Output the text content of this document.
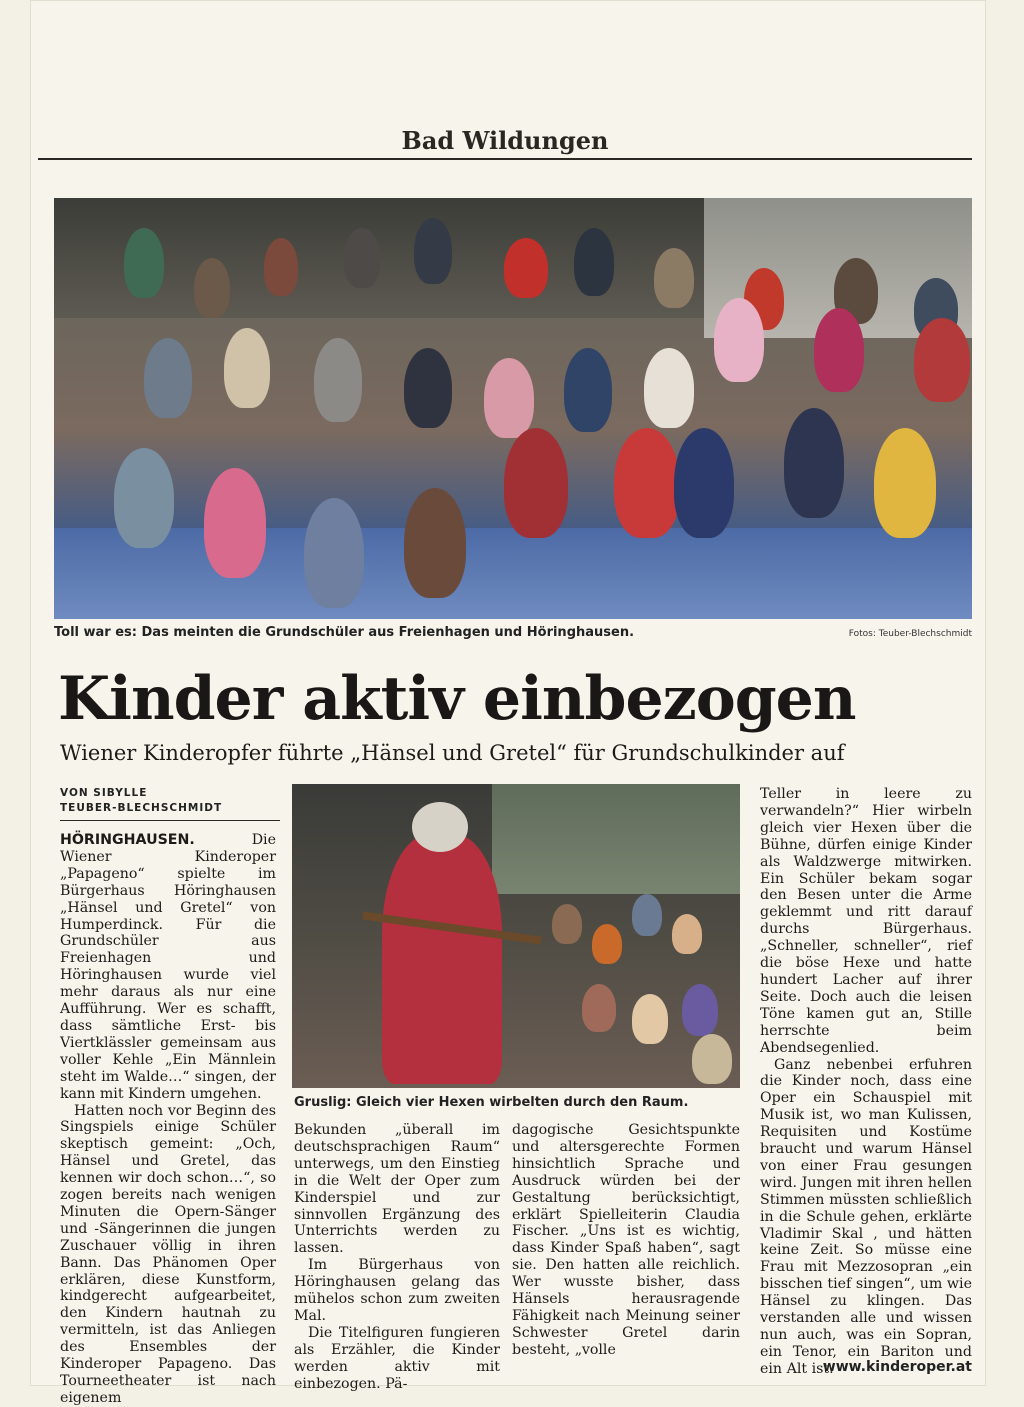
Bad Wildungen
Toll war es: Das meinten die Grundschüler aus Freienhagen und Höringhausen.	Fotos: Teuber-Blechschmidt
Kinder aktiv einbezogen
Wiener Kinderopfer führte „Hänsel und Gretel“ für Grundschulkinder auf
VON SIBYLLE
TEUBER-BLECHSCHMIDT
Gruslig: Gleich vier Hexen wirbelten durch den Raum.

HÖRINGHAUSEN.	Die Wiener Kinderoper „Papageno“ spielte im Bürgerhaus Höringhausen „Hänsel und Gretel“ von Humperdinck. Für die Grundschüler aus Freienhagen und Höringhausen wurde viel mehr daraus als nur eine Aufführung. Wer es schafft, dass sämtliche Erst- bis Viertklässler gemeinsam aus voller Kehle „Ein Männlein steht im Walde…“ singen, der kann mit Kindern umgehen.

Hatten noch vor Beginn des Singspiels einige Schüler skeptisch gemeint: „Och, Hänsel und Gretel, das kennen wir doch schon…“, so zogen bereits nach wenigen Minuten die Opern-Sänger und -Sängerinnen die jungen Zuschauer völlig in ihren Bann. Das Phänomen Oper erklären, diese Kunstform, kindgerecht aufgearbeitet, den Kindern hautnah zu vermitteln, ist das Anliegen des Ensembles der Kinderoper Papageno. Das Tourneetheater ist nach eigenem

Bekunden „überall im deutschsprachigen Raum“ unterwegs, um den Einstieg in die Welt der Oper zum Kinderspiel und zur sinnvollen Ergänzung des Unterrichts werden zu lassen.

Im Bürgerhaus von Höringhausen gelang das mühelos schon zum zweiten Mal.

Die Titelfiguren fungieren als Erzähler, die Kinder werden aktiv mit einbezogen. Pä-

dagogische Gesichtspunkte und altersgerechte Formen hinsichtlich Sprache und Ausdruck würden bei der Gestaltung berücksichtigt, erklärt Spielleiterin Claudia Fischer. „Uns ist es wichtig, dass Kinder Spaß haben“, sagt sie. Den hatten alle reichlich. Wer wusste bisher, dass Hänsels herausragende Fähigkeit nach Meinung seiner Schwester Gretel darin besteht, „volle

Teller in leere zu verwandeln?“ Hier wirbeln gleich vier Hexen über die Bühne, dürfen einige Kinder als Waldzwerge mitwirken. Ein Schüler bekam sogar den Besen unter die Arme geklemmt und ritt darauf durchs Bürgerhaus. „Schneller, schneller“, rief die böse Hexe und hatte hundert Lacher auf ihrer Seite. Doch auch die leisen Töne kamen gut an, Stille herrschte beim Abendsegenlied.

Ganz nebenbei erfuhren die Kinder noch, dass eine Oper ein Schauspiel mit Musik ist, wo man Kulissen, Requisiten und Kostüme braucht und warum Hänsel von einer Frau gesungen wird. Jungen mit ihren hellen Stimmen müssten schließlich in die Schule gehen, erklärte Vladimir Skal , und hätten keine Zeit. So müsse eine Frau mit Mezzosopran „ein bisschen tief singen“, um wie Hänsel zu klingen. Das verstanden alle und wissen nun auch, was ein Sopran, ein Tenor, ein Bariton und ein Alt ist.

www.kinderoper.at
